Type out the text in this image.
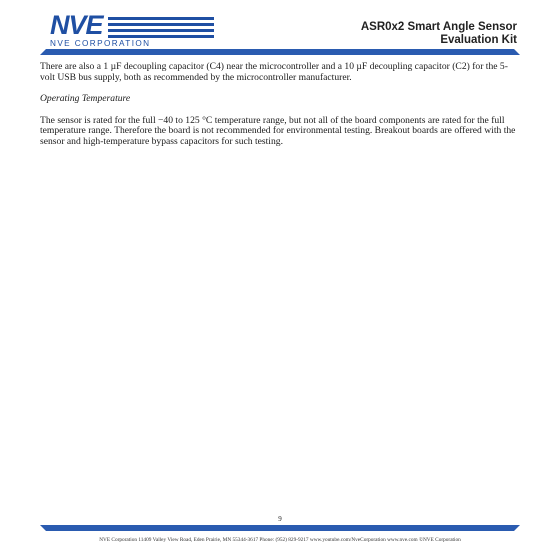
NVE
NVE CORPORATION
ASR0x2 Smart Angle Sensor
Evaluation Kit

There are also a 1 µF decoupling capacitor (C4) near the microcontroller and a 10 µF decoupling capacitor (C2) for the 5-volt USB bus supply, both as recommended by the microcontroller manufacturer.

Operating Temperature

The sensor is rated for the full −40 to 125 °C temperature range, but not all of the board components are rated for the full temperature range. Therefore the board is not recommended for environmental testing. Breakout boards are offered with the sensor and high-temperature bypass capacitors for such testing.

9
NVE Corporation 11409 Valley View Road, Eden Prairie, MN 55344-3617 Phone: (952) 829-9217 www.youtube.com/NveCorporation www.nve.com ©NVE Corporation
